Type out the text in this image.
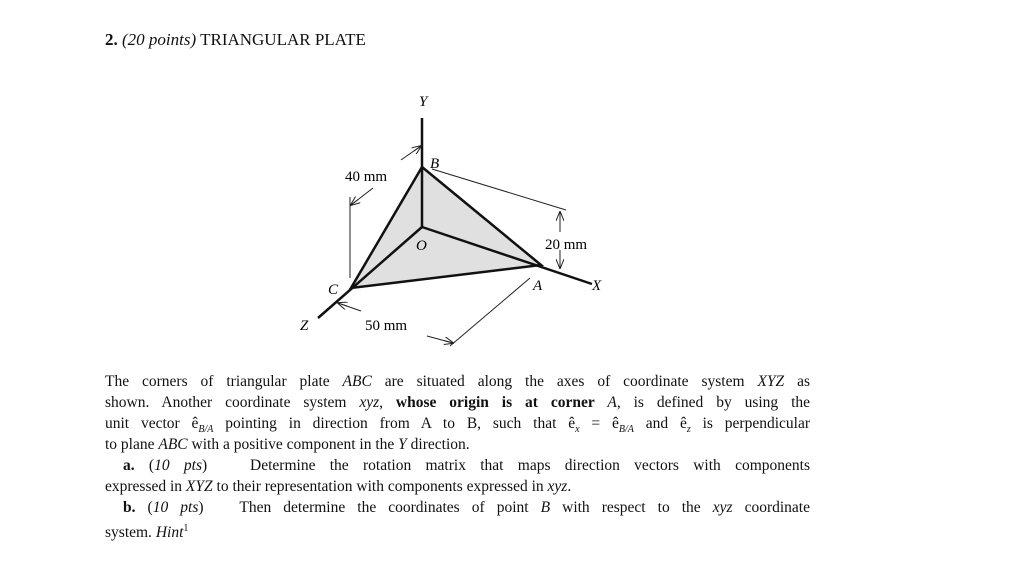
2. (20 points) TRIANGULAR PLATE
Y
X
Z
B
O
A
C
40 mm
20 mm
50 mm
The corners of triangular plate ABC are situated along the axes of coordinate system XYZ as
shown. Another coordinate system xyz, whose origin is at corner A, is defined by using the
unit vector $ê_{B/A}$ pointing in direction from A to B, such that $ê_x$ = $ê_{B/A}$ and $ê_z$ is perpendicular
to plane ABC with a positive component in the Y direction.
a. (10 pts)   Determine the rotation matrix that maps direction vectors with components
expressed in XYZ to their representation with components expressed in xyz.
b. (10 pts)   Then determine the coordinates of point B with respect to the xyz coordinate
system. Hint$^1$
